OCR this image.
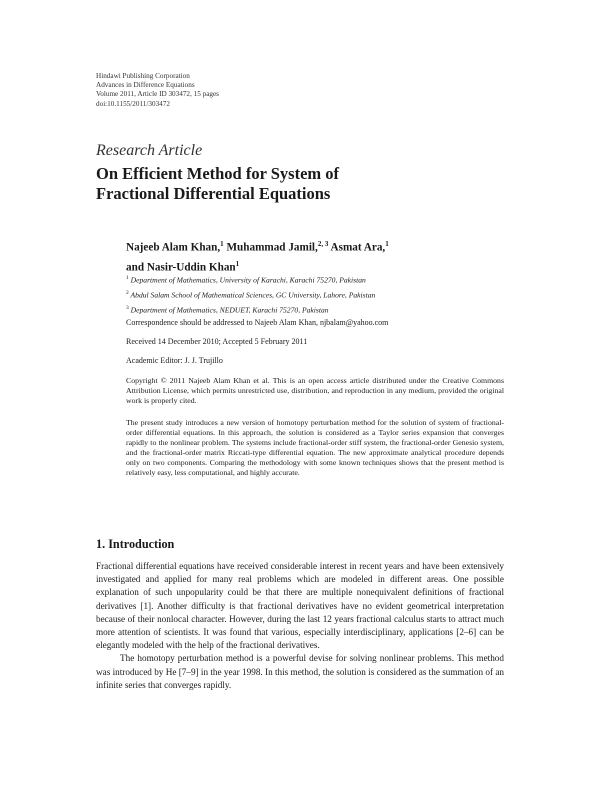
Hindawi Publishing Corporation
Advances in Difference Equations
Volume 2011, Article ID 303472, 15 pages
doi:10.1155/2011/303472
Research Article
On Efficient Method for System of
Fractional Differential Equations
Najeeb Alam Khan,$^1$ Muhammad Jamil,$^{2, 3}$ Asmat Ara,$^1$
and Nasir-Uddin Khan$^1$
$^1$ Department of Mathematics, University of Karachi, Karachi 75270, Pakistan
$^2$ Abdul Salam School of Mathematical Sciences, GC University, Lahore, Pakistan
$^3$ Department of Mathematics, NEDUET, Karachi 75270, Pakistan
Correspondence should be addressed to Najeeb Alam Khan, njbalam@yahoo.com
Received 14 December 2010; Accepted 5 February 2011
Academic Editor: J. J. Trujillo
Copyright © 2011 Najeeb Alam Khan et al. This is an open access article distributed under the Creative Commons Attribution License, which permits unrestricted use, distribution, and reproduction in any medium, provided the original work is properly cited.
The present study introduces a new version of homotopy perturbation method for the solution of system of fractional-order differential equations. In this approach, the solution is considered as a Taylor series expansion that converges rapidly to the nonlinear problem. The systems include fractional-order stiff system, the fractional-order Genesio system, and the fractional-order matrix Riccati-type differential equation. The new approximate analytical procedure depends only on two components. Comparing the methodology with some known techniques shows that the present method is relatively easy, less computational, and highly accurate.
1. Introduction

Fractional differential equations have received considerable interest in recent years and have been extensively investigated and applied for many real problems which are modeled in different areas. One possible explanation of such unpopularity could be that there are multiple nonequivalent definitions of fractional derivatives [1]. Another difficulty is that fractional derivatives have no evident geometrical interpretation because of their nonlocal character. However, during the last 12 years fractional calculus starts to attract much more attention of scientists. It was found that various, especially interdisciplinary, applications [2–6] can be elegantly modeled with the help of the fractional derivatives.

The homotopy perturbation method is a powerful devise for solving nonlinear problems. This method was introduced by He [7–9] in the year 1998. In this method, the solution is considered as the summation of an infinite series that converges rapidly.
